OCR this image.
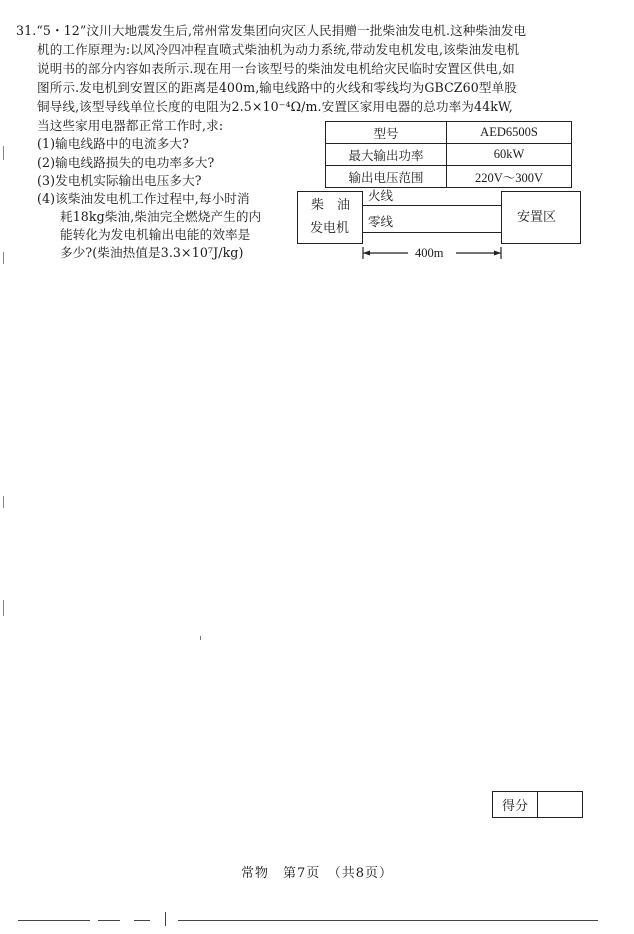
31.“5・12”汶川大地震发生后,常州常发集团向灾区人民捐赠一批柴油发电机.这种柴油发电
机的工作原理为:以风冷四冲程直喷式柴油机为动力系统,带动发电机发电,该柴油发电机
说明书的部分内容如表所示.现在用一台该型号的柴油发电机给灾民临时安置区供电,如
图所示.发电机到安置区的距离是400m,输电线路中的火线和零线均为GBCZ60型单股
铜导线,该型导线单位长度的电阻为2.5×10⁻⁴Ω/m.安置区家用电器的总功率为44kW,
当这些家用电器都正常工作时,求:
(1)输电线路中的电流多大?
(2)输电线路损失的电功率多大?
(3)发电机实际输出电压多大?
(4)该柴油发电机工作过程中,每小时消
耗18kg柴油,柴油完全燃烧产生的内
能转化为发电机输出电能的效率是
多少?(柴油热值是3.3×10⁷J/kg)
型号	AED6500S
最大输出功率	60kW
输出电压范围	220V～300V
柴　油
发电机
安置区
火线
零线
400m
得分	
常物　第7页　（共8页）
